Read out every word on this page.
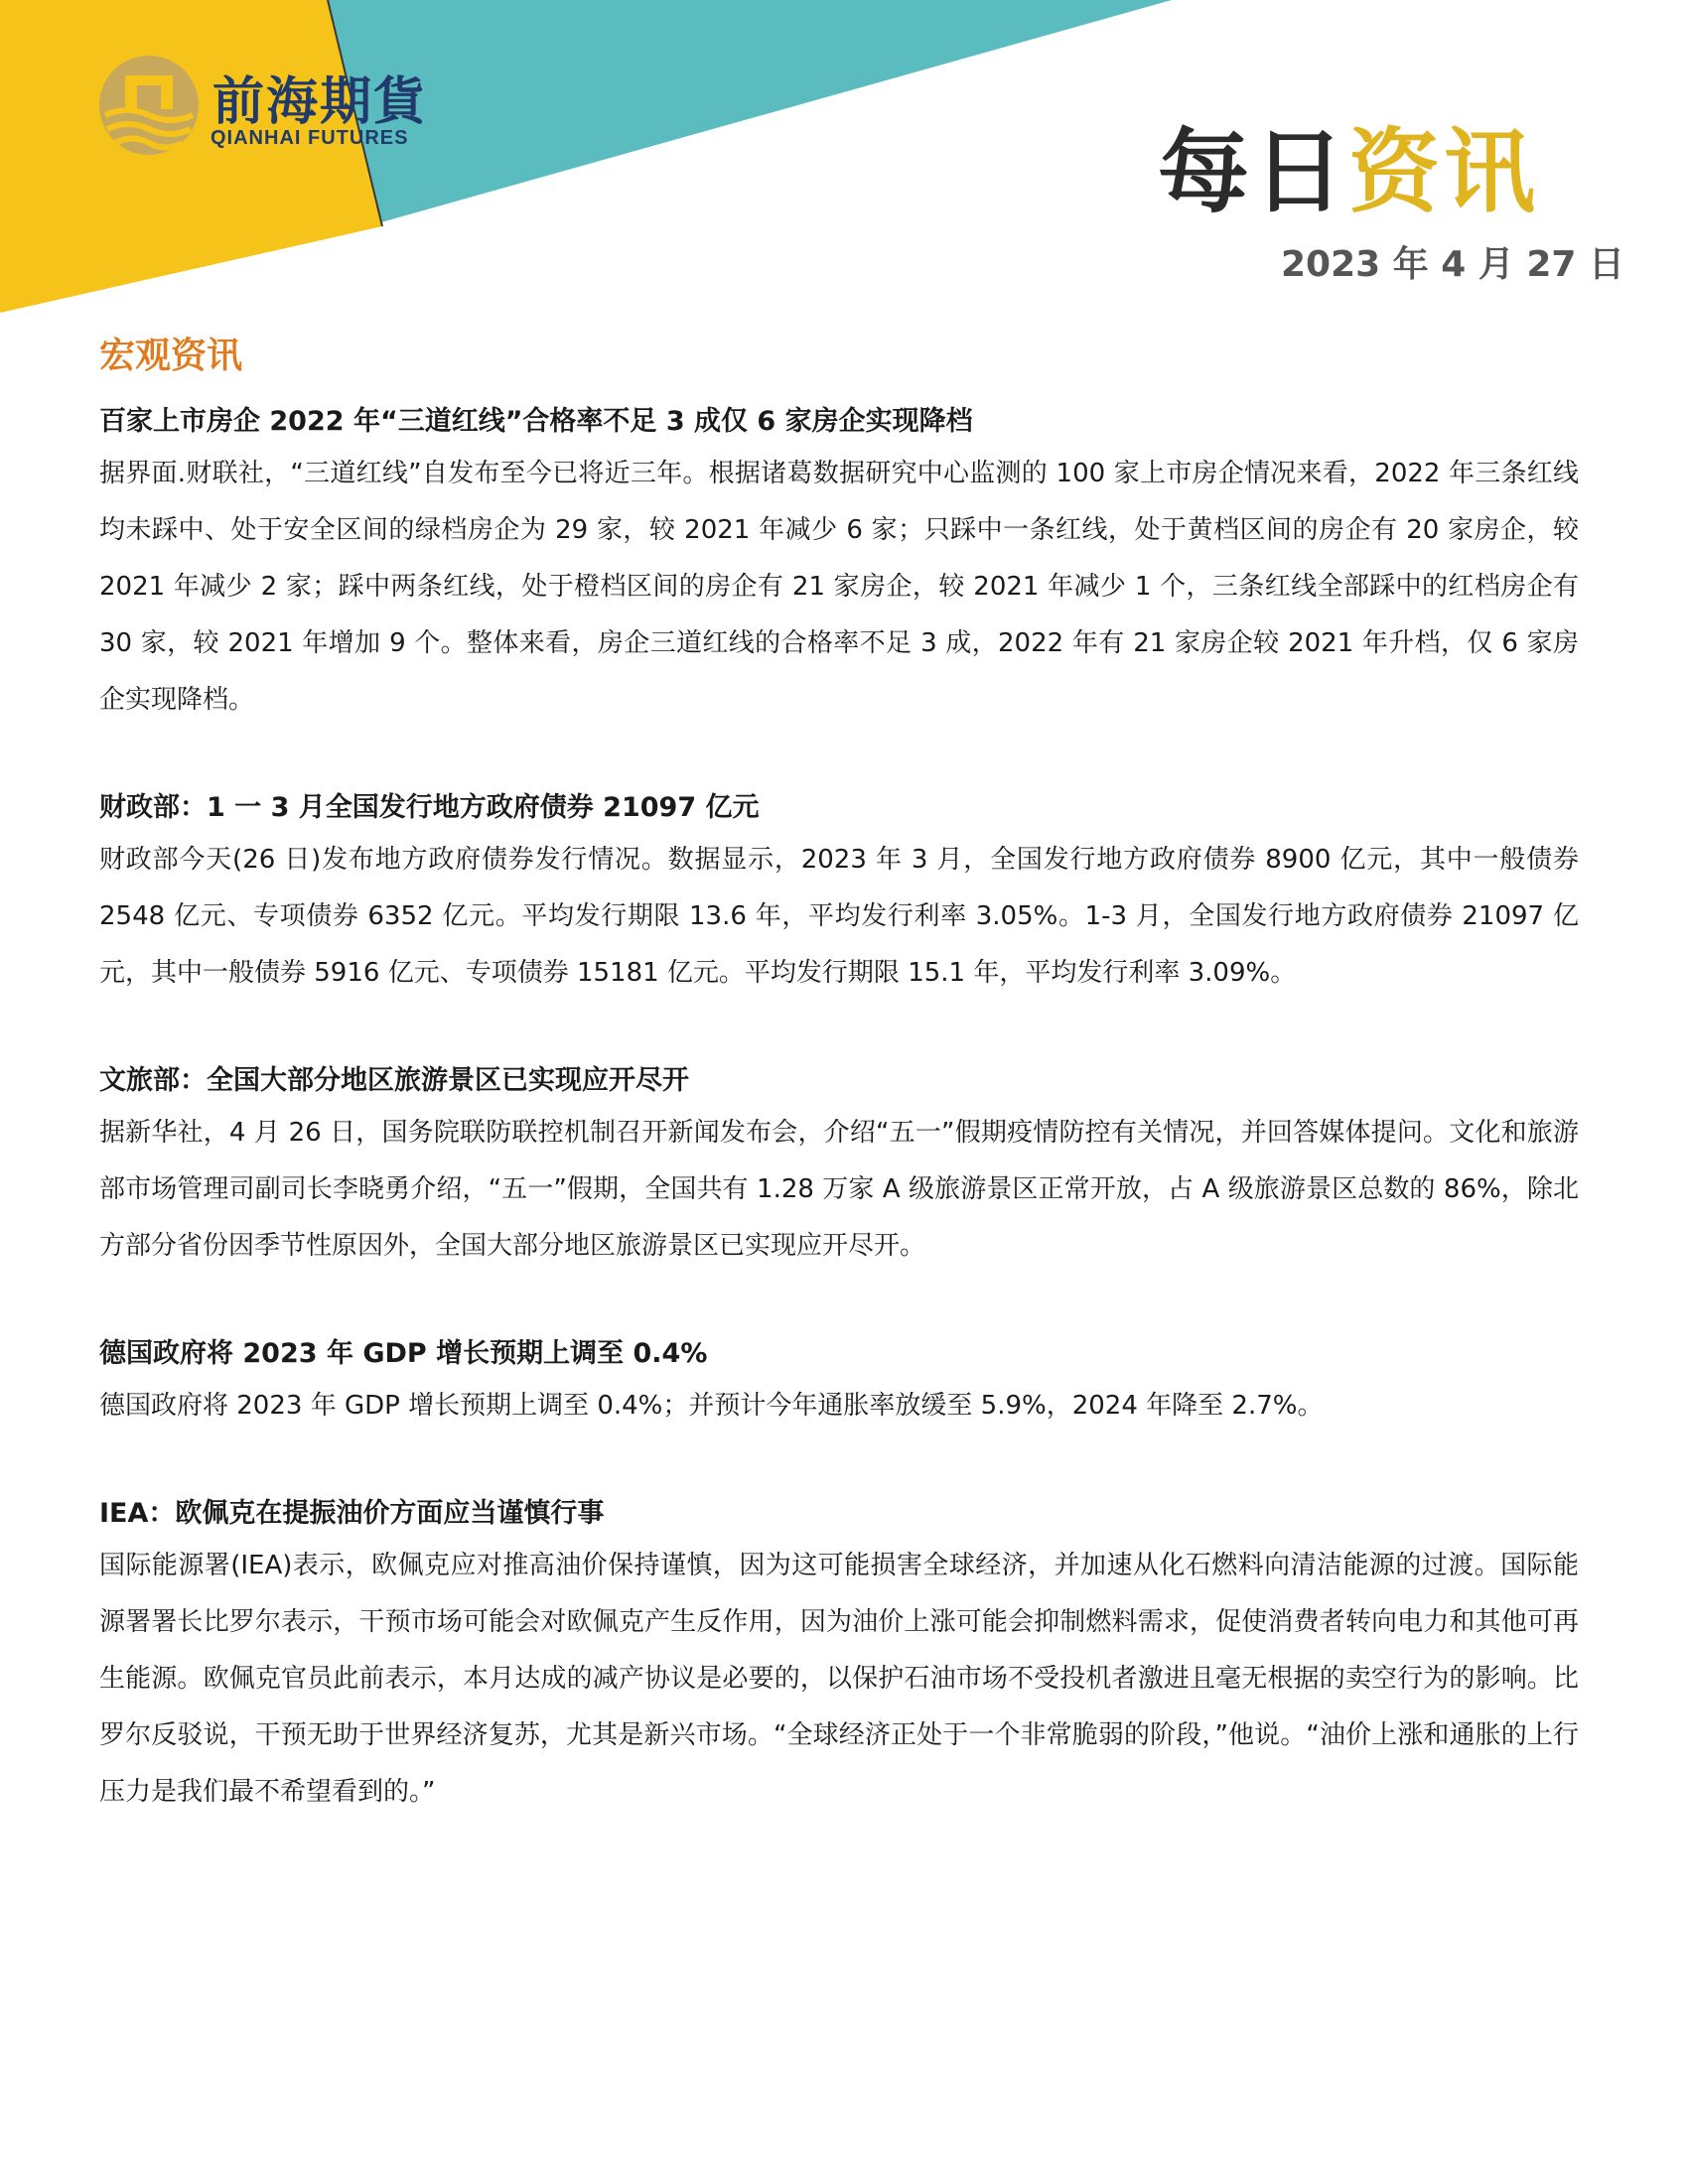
前海期貨
QIANHAI FUTURES	每日资讯
2023 年 4 月 27 日
宏观资讯

百家上市房企 2022 年“三道红线”合格率不足 3 成仅 6 家房企实现降档

据界面.财联社，“三道红线”自发布至今已将近三年。根据诸葛数据研究中心监测的 100 家上市房企情况来看，2022 年三条红线均未踩中、处于安全区间的绿档房企为 29 家，较 2021 年减少 6 家；只踩中一条红线，处于黄档区间的房企有 20 家房企，较 2021 年减少 2 家；踩中两条红线，处于橙档区间的房企有 21 家房企，较 2021 年减少 1 个，三条红线全部踩中的红档房企有 30 家，较 2021 年增加 9 个。整体来看，房企三道红线的合格率不足 3 成，2022 年有 21 家房企较 2021 年升档，仅 6 家房企实现降档。

财政部：1 一 3 月全国发行地方政府债券 21097 亿元

财政部今天(26 日)发布地方政府债券发行情况。数据显示，2023 年 3 月，全国发行地方政府债券 8900 亿元，其中一般债券 2548 亿元、专项债券 6352 亿元。平均发行期限 13.6 年，平均发行利率 3.05%。1-3 月，全国发行地方政府债券 21097 亿元，其中一般债券 5916 亿元、专项债券 15181 亿元。平均发行期限 15.1 年，平均发行利率 3.09%。

文旅部：全国大部分地区旅游景区已实现应开尽开

据新华社，4 月 26 日，国务院联防联控机制召开新闻发布会，介绍“五一”假期疫情防控有关情况，并回答媒体提问。文化和旅游部市场管理司副司长李晓勇介绍，“五一”假期，全国共有 1.28 万家 A 级旅游景区正常开放，占 A 级旅游景区总数的 86%，除北方部分省份因季节性原因外，全国大部分地区旅游景区已实现应开尽开。

德国政府将 2023 年 GDP 增长预期上调至 0.4%

德国政府将 2023 年 GDP 增长预期上调至 0.4%；并预计今年通胀率放缓至 5.9%，2024 年降至 2.7%。

IEA：欧佩克在提振油价方面应当谨慎行事

国际能源署(IEA)表示，欧佩克应对推高油价保持谨慎，因为这可能损害全球经济，并加速从化石燃料向清洁能源的过渡。国际能源署署长比罗尔表示，干预市场可能会对欧佩克产生反作用，因为油价上涨可能会抑制燃料需求，促使消费者转向电力和其他可再生能源。欧佩克官员此前表示，本月达成的减产协议是必要的，以保护石油市场不受投机者激进且毫无根据的卖空行为的影响。比罗尔反驳说，干预无助于世界经济复苏，尤其是新兴市场。“全球经济正处于一个非常脆弱的阶段，”他说。“油价上涨和通胀的上行压力是我们最不希望看到的。”
